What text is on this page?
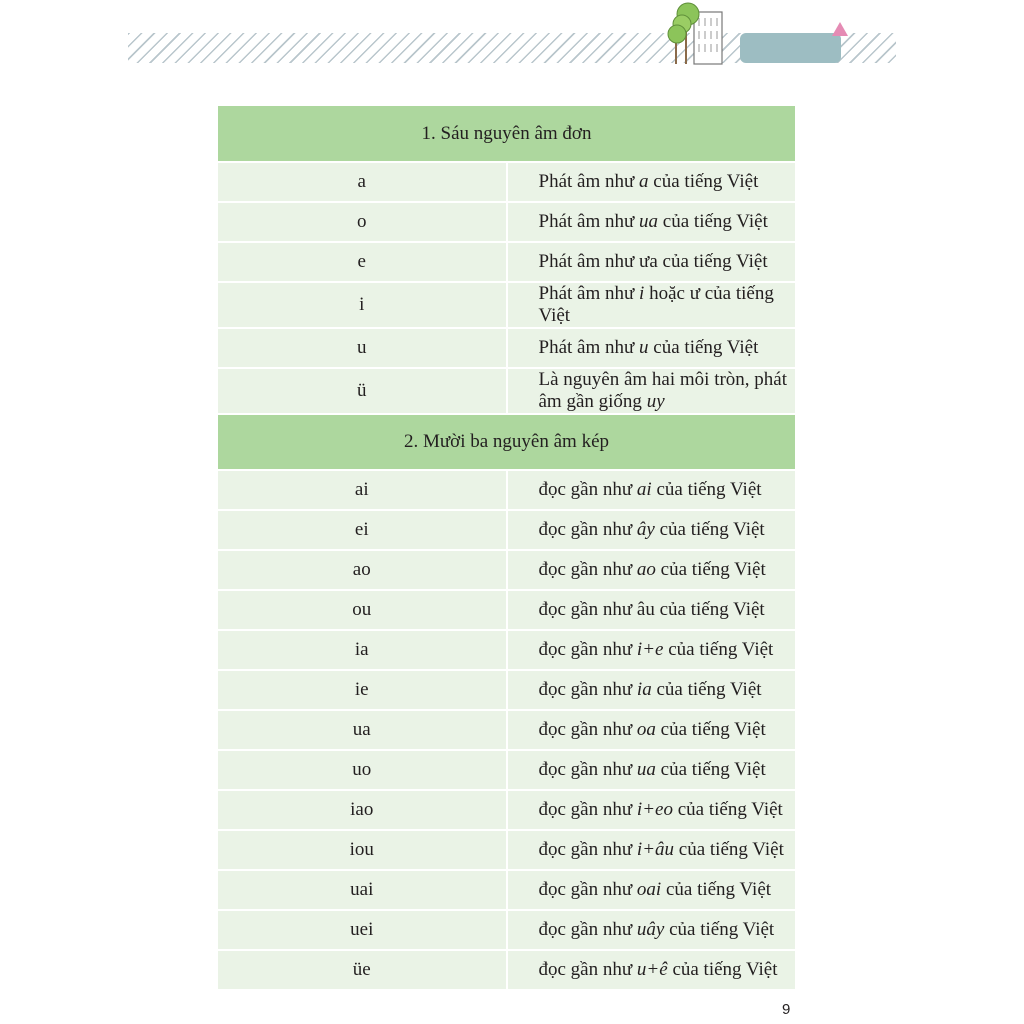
1. Sáu nguyên âm đơn	
a	Phát âm như a của tiếng Việt
o	Phát âm như ua của tiếng Việt
e	Phát âm như ưa của tiếng Việt
i	Phát âm như i hoặc ư của tiếng Việt
u	Phát âm như u của tiếng Việt
ü	Là nguyên âm hai môi tròn, phát âm gần giống uy
2. Mười ba nguyên âm kép	
ai	đọc gần như ai của tiếng Việt
ei	đọc gần như ây của tiếng Việt
ao	đọc gần như ao của tiếng Việt
ou	đọc gần như âu của tiếng Việt
ia	đọc gần như i+e của tiếng Việt
ie	đọc gần như ia của tiếng Việt
ua	đọc gần như oa của tiếng Việt
uo	đọc gần như ua của tiếng Việt
iao	đọc gần như i+eo của tiếng Việt
iou	đọc gần như i+âu của tiếng Việt
uai	đọc gần như oai của tiếng Việt
uei	đọc gần như uây của tiếng Việt
üe	đọc gần như u+ê của tiếng Việt
9
